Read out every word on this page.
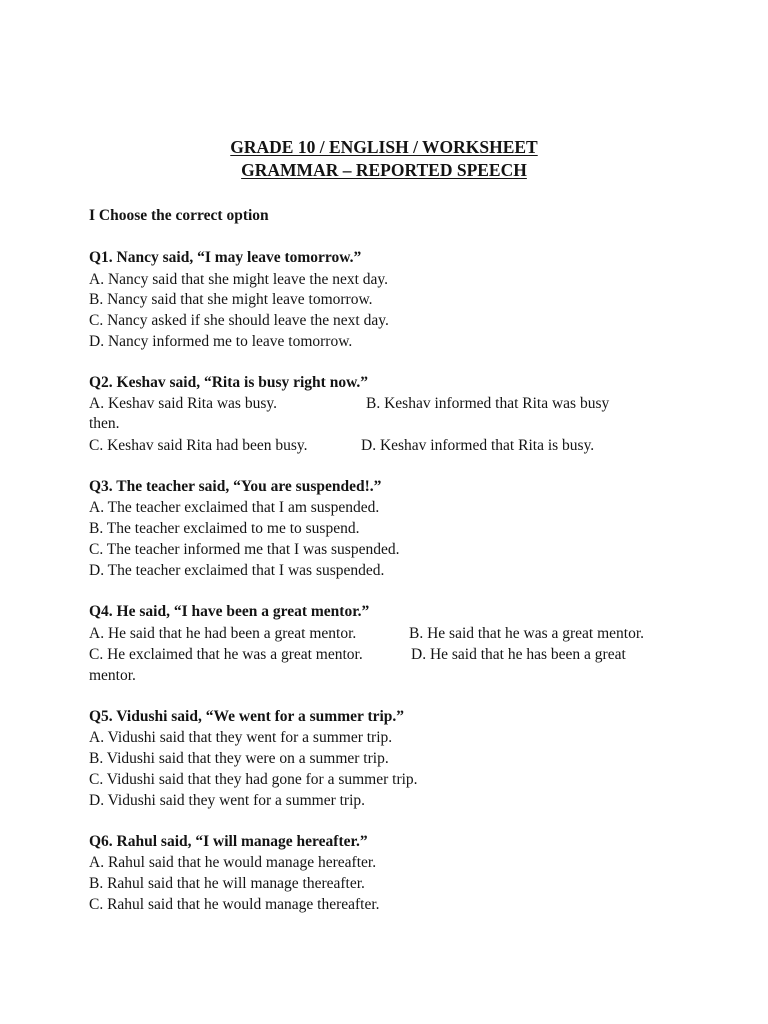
GRADE 10 / ENGLISH / WORKSHEET
GRAMMAR – REPORTED SPEECH
I Choose the correct option
Q1. Nancy said, “I may leave tomorrow.”
A. Nancy said that she might leave the next day.
B. Nancy said that she might leave tomorrow.
C. Nancy asked if she should leave the next day.
D. Nancy informed me to leave tomorrow.
Q2. Keshav said, “Rita is busy right now.”
A. Keshav said Rita was busy.	B. Keshav informed that Rita was busy
then.
C. Keshav said Rita had been busy.	D. Keshav informed that Rita is busy.
Q3. The teacher said, “You are suspended!.”
A. The teacher exclaimed that I am suspended.
B. The teacher exclaimed to me to suspend.
C. The teacher informed me that I was suspended.
D. The teacher exclaimed that I was suspended.
Q4. He said, “I have been a great mentor.”
A. He said that he had been a great mentor.	B. He said that he was a great mentor.
C. He exclaimed that he was a great mentor.	D. He said that he has been a great
mentor.
Q5. Vidushi said, “We went for a summer trip.”
A. Vidushi said that they went for a summer trip.
B. Vidushi said that they were on a summer trip.
C. Vidushi said that they had gone for a summer trip.
D. Vidushi said they went for a summer trip.
Q6. Rahul said, “I will manage hereafter.”
A. Rahul said that he would manage hereafter.
B. Rahul said that he will manage thereafter.
C. Rahul said that he would manage thereafter.
